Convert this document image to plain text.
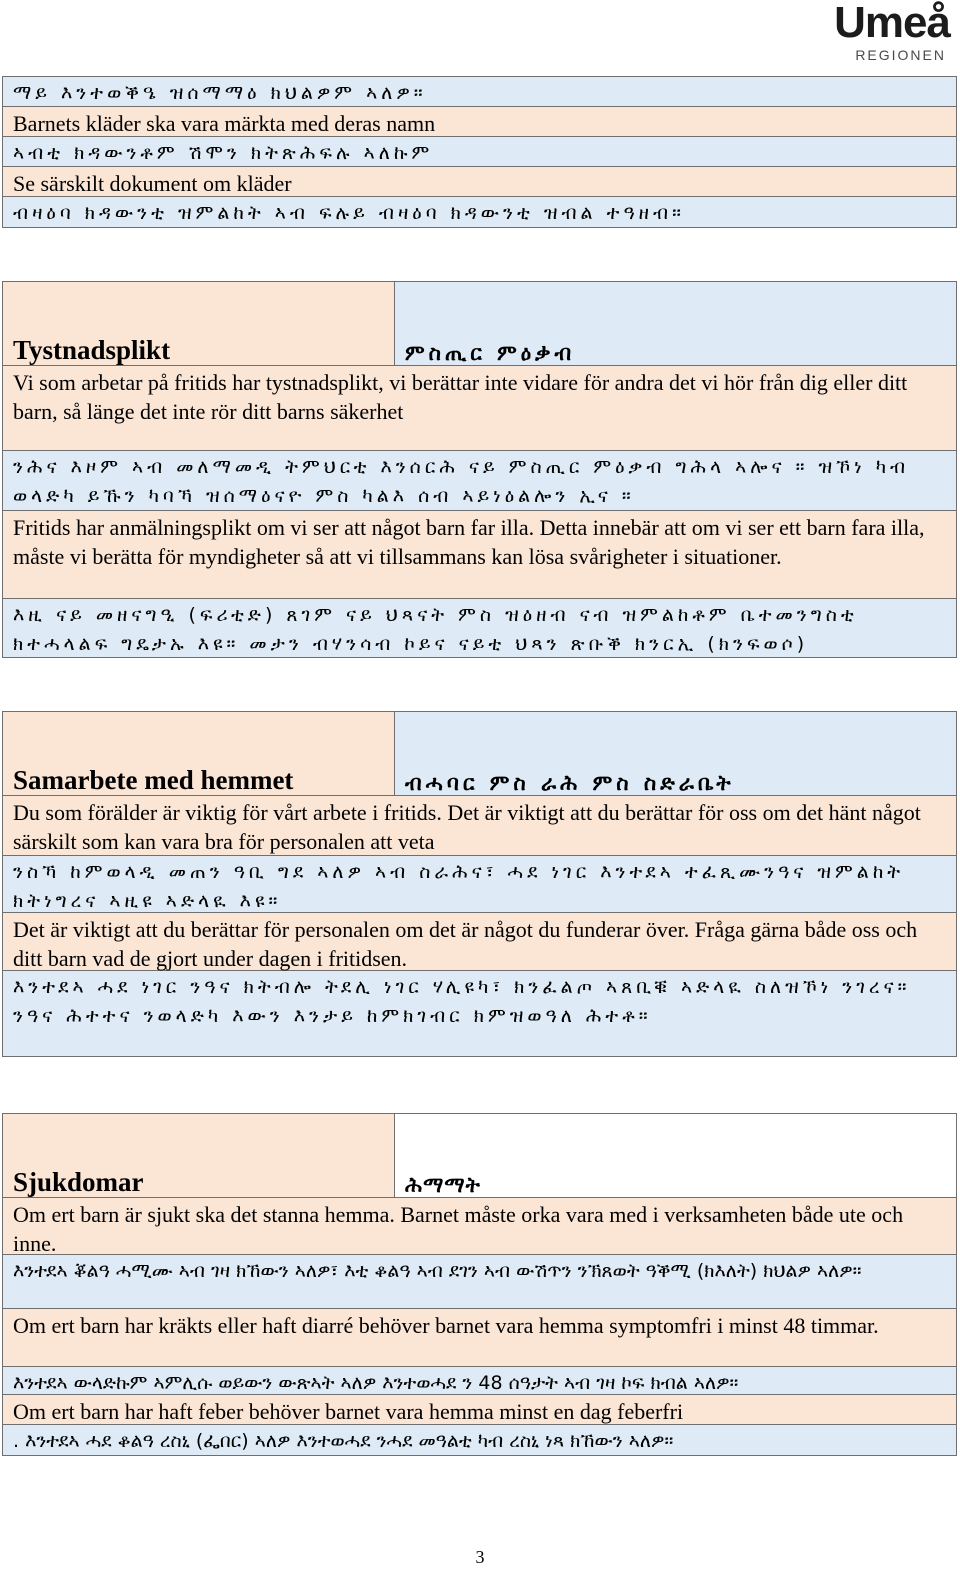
Umeå
REGIONEN
ማይ እንተወቕዔ ዝሰማማዕ ክህልዎም ኣለዎ።
Barnets kläder ska vara märkta med deras namn
ኣብቲ ክዳውንቶም ሽሞን ክትጽሕፍሉ ኣለኩም
Se särskilt dokument om kläder
ብዛዕባ ክዳውንቲ ዝምልከት ኣብ ፍሉይ ብዛዕባ ክዳውንቲ ዝብል ተዓዘብ።
Tystnadsplikt	ምስጢር ምዕቃብ
Vi som arbetar på fritids har tystnadsplikt, vi berättar inte vidare för andra det vi hör från dig eller ditt barn, så länge det inte rör ditt barns säkerhet
ንሕና እዞም ኣብ መለማመዲ ትምህርቲ እንሰርሕ ናይ ምስጢር ምዕቃብ ግሕላ ኣሎና ። ዝኾነ ካብ ወላድካ ይኹን ካባኻ ዝሰማዕናዮ ምስ ካልእ ሰብ ኣይነዕልሎን ኢና ።
Fritids har anmälningsplikt om vi ser att något barn far illa. Detta innebär att om vi ser ett barn fara illa, måste vi berätta för myndigheter så att vi tillsammans kan lösa svårigheter i situationer.
እዚ ናይ መዘናግዒ (ፍሪቲድ) ጸገም ናይ ህጻናት ምስ ዝዕዘብ ናብ ዝምልከቶም ቤተመንግስቲ ክተሓላልፍ ግዴታኡ እዩ። መታን ብሃንሳብ ኮይና ናይቲ ህጻን ጽቡቕ ክንርኢ (ክንፍወሶ)
Samarbete med hemmet	ብሓባር ምስ ራሕ ምስ ስድራቤት
Du som förälder är viktig för vårt arbete i fritids. Det är viktigt att du berättar för oss om det hänt något särskilt som kan vara bra för personalen att veta
ንስኻ ከምወላዲ መጠን ዓቢ ግደ ኣለዎ ኣብ ስራሕና፣ ሓደ ነገር እንተደኣ ተፈጺሙንዓና ዝምልከት ክትነግረና ኣዚዩ ኣድላዪ እዩ።
Det är viktigt att du berättar för personalen om det är något du funderar över. Fråga gärna både oss och ditt barn vad de gjort under dagen i fritidsen.
እንተደኣ ሓደ ነገር ንዓና ክትብሎ ትደሊ ነገር ሃሊዩካ፣ ክንፈልጦ ኣጸቢቑ ኣድላዪ ስለዝኾነ ንገረና። ንዓና ሕተተና ንወላድካ እውን እንታይ ከምክገብር ክምዝወዓለ ሕተቶ።
Sjukdomar	ሕማማት
Om ert barn är sjukt ska det stanna hemma. Barnet måste orka vara med i verksamheten både ute och inne.
እንተደኣ ቖልዓ ሓሚሙ ኣብ ገዛ ክኸውን ኣለዎ፣ እቲ ቆልዓ ኣብ ደገን ኣብ ውሽጥን ንኽጸወት ዓቕሚ (ክእለት) ክህልዎ ኣለዎ።
Om ert barn har kräkts eller haft diarré behöver barnet vara hemma symptomfri i minst 48 timmar.
እንተደኣ ውላድኩም ኣምሊሱ ወይውን ውጽኣት ኣለዎ እንተወሓደ ን 48 ሰዓታት ኣብ ገዛ ኮፍ ክብል ኣለዎ።
Om ert barn har haft feber behöver barnet vara hemma minst en dag feberfri
. እንተደኣ ሓደ ቆልዓ ረስኒ (ፌበር) ኣለዎ እንተወሓደ ንሓደ መዓልቲ ካብ ረስኒ ነጻ ክኸውን ኣለዎ።
3
